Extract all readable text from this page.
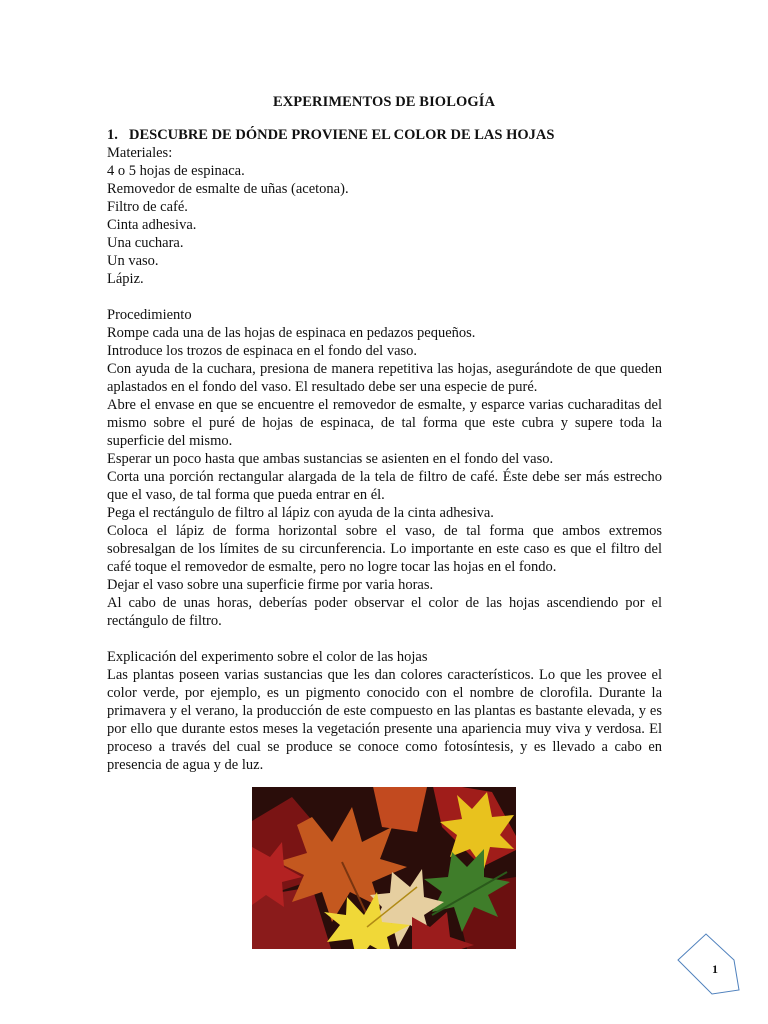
EXPERIMENTOS DE BIOLOGÍA

1. DESCUBRE DE DÓNDE PROVIENE EL COLOR DE LAS HOJAS

Materiales:

4 o 5 hojas de espinaca.

Removedor de esmalte de uñas (acetona).

Filtro de café.

Cinta adhesiva.

Una cuchara.

Un vaso.

Lápiz.

Procedimiento

Rompe cada una de las hojas de espinaca en pedazos pequeños.

Introduce los trozos de espinaca en el fondo del vaso.

Con ayuda de la cuchara, presiona de manera repetitiva las hojas, asegurándote de que queden aplastados en el fondo del vaso. El resultado debe ser una especie de puré.

Abre el envase en que se encuentre el removedor de esmalte, y esparce varias cucharaditas del mismo sobre el puré de hojas de espinaca, de tal forma que este cubra y supere toda la superficie del mismo.

Esperar un poco hasta que ambas sustancias se asienten en el fondo del vaso.

Corta una porción rectangular alargada de la tela de filtro de café. Éste debe ser más estrecho que el vaso, de tal forma que pueda entrar en él.

Pega el rectángulo de filtro al lápiz con ayuda de la cinta adhesiva.

Coloca el lápiz de forma horizontal sobre el vaso, de tal forma que ambos extremos sobresalgan de los límites de su circunferencia. Lo importante en este caso es que el filtro del café toque el removedor de esmalte, pero no logre tocar las hojas en el fondo.

Dejar el vaso sobre una superficie firme por varia horas.

Al cabo de unas horas, deberías poder observar el color de las hojas ascendiendo por el rectángulo de filtro.

Explicación del experimento sobre el color de las hojas

Las plantas poseen varias sustancias que les dan colores característicos. Lo que les provee el color verde, por ejemplo, es un pigmento conocido con el nombre de clorofila. Durante la primavera y el verano, la producción de este compuesto en las plantas es bastante elevada, y es por ello que durante estos meses la vegetación presente una apariencia muy viva y verdosa. El proceso a través del cual se produce se conoce como fotosíntesis, y es llevado a cabo en presencia de agua y de luz.

1
